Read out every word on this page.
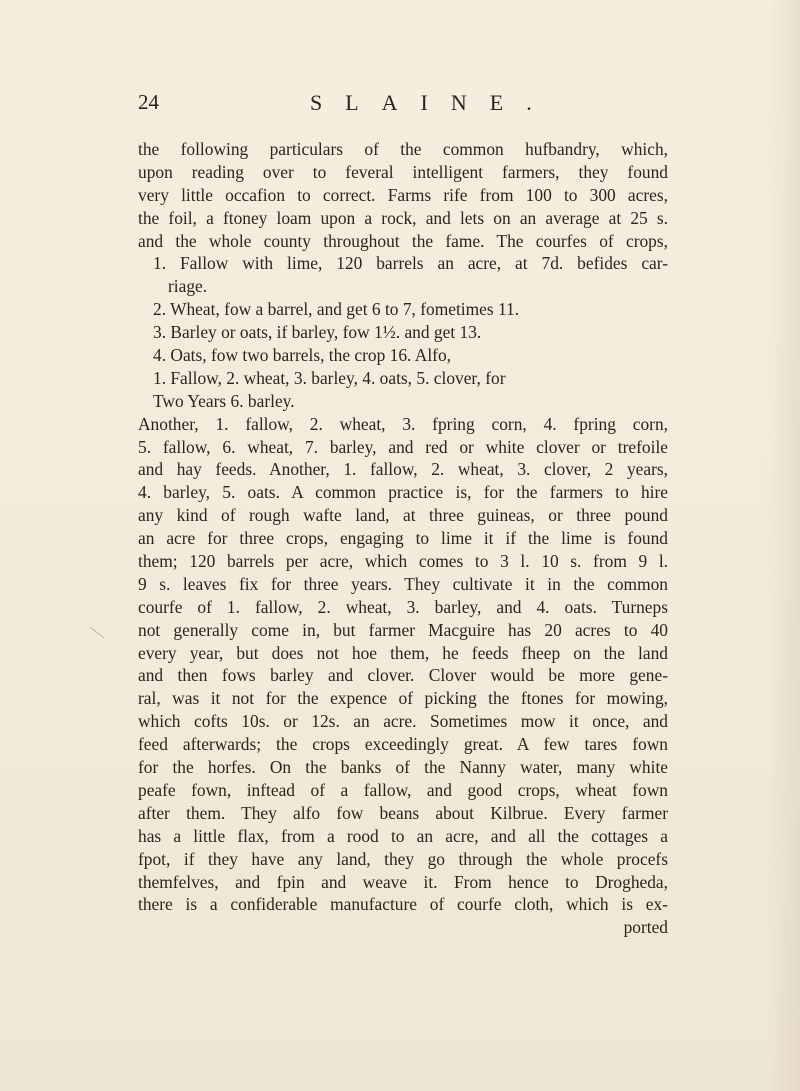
24	SLAINE.
the following particulars of the common hufbandry, which,
upon reading over to feveral intelligent farmers, they found
very little occafion to correct. Farms rife from 100 to 300 acres,
the foil, a ftoney loam upon a rock, and lets on an average at 25 s.
and the whole county throughout the fame. The courfes of crops,
1. Fallow with lime, 120 barrels an acre, at 7d. befides car-
riage.
2. Wheat, fow a barrel, and get 6 to 7, fometimes 11.
3. Barley or oats, if barley, fow 1½. and get 13.
4. Oats, fow two barrels, the crop 16. Alfo,
1. Fallow, 2. wheat, 3. barley, 4. oats, 5. clover, for
Two Years 6. barley.
Another, 1. fallow, 2. wheat, 3. fpring corn, 4. fpring corn,
5. fallow, 6. wheat, 7. barley, and red or white clover or trefoile
and hay feeds. Another, 1. fallow, 2. wheat, 3. clover, 2 years,
4. barley, 5. oats. A common practice is, for the farmers to hire
any kind of rough wafte land, at three guineas, or three pound
an acre for three crops, engaging to lime it if the lime is found
them; 120 barrels per acre, which comes to 3 l. 10 s. from 9 l.
9 s. leaves fix for three years. They cultivate it in the common
courfe of 1. fallow, 2. wheat, 3. barley, and 4. oats. Turneps
not generally come in, but farmer Macguire has 20 acres to 40
every year, but does not hoe them, he feeds fheep on the land
and then fows barley and clover. Clover would be more gene-
ral, was it not for the expence of picking the ftones for mowing,
which cofts 10s. or 12s. an acre. Sometimes mow it once, and
feed afterwards; the crops exceedingly great. A few tares fown
for the horfes. On the banks of the Nanny water, many white
peafe fown, inftead of a fallow, and good crops, wheat fown
after them. They alfo fow beans about Kilbrue. Every farmer
has a little flax, from a rood to an acre, and all the cottages a
fpot, if they have any land, they go through the whole procefs
themfelves, and fpin and weave it. From hence to Drogheda,
there is a confiderable manufacture of courfe cloth, which is ex-
ported
